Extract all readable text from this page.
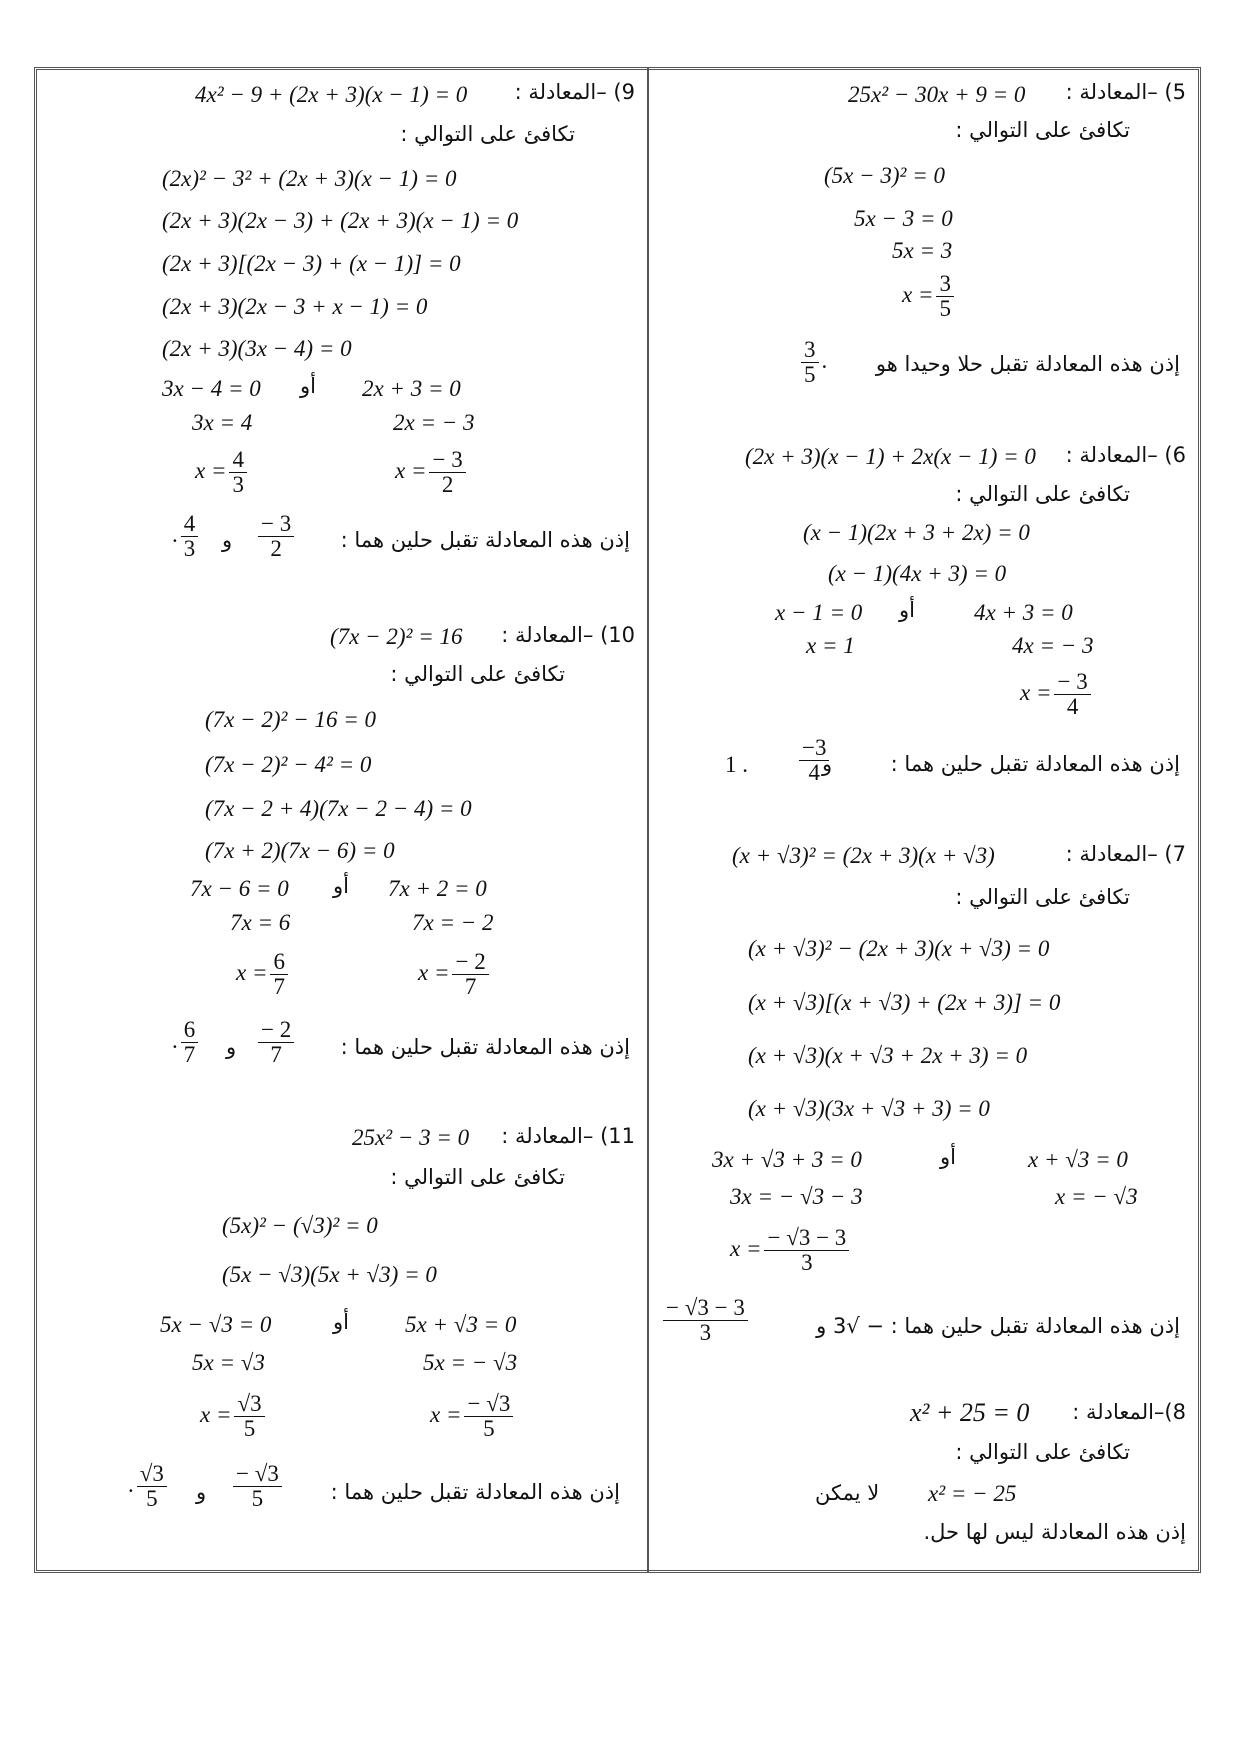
5) –المعادلة :
25x² − 30x + 9 = 0
تكافئ على التوالي :
(5x − 3)² = 0
5x − 3 = 0
5x = 3
$x = \frac{3}{5}$
إذن هذه المعادلة تقبل حلا وحيدا هو
$\frac{3}{5}$ .
6) –المعادلة :
(2x + 3)(x − 1) + 2x(x − 1) = 0
تكافئ على التوالي :
(x − 1)(2x + 3 + 2x) = 0
(x − 1)(4x + 3) = 0
x − 1 = 0 أو	4x + 3 = 0
x = 1	4x = − 3
$x = \frac{- 3}{4}$
إذن هذه المعادلة تقبل حلين هما :
و
$\frac{-3}{4}$
1 .
7) –المعادلة :
(x + √3)² = (2x + 3)(x + √3)
تكافئ على التوالي :
(x + √3)² − (2x + 3)(x + √3) = 0
(x + √3)[(x + √3) + (2x + 3)] = 0
(x + √3)(x + √3 + 2x + 3) = 0
(x + √3)(3x + √3 + 3) = 0
3x + √3 + 3 = 0	أو	x + √3 = 0
3x = − √3 − 3	x = − √3
$x = \frac{- √3 - 3}{3}$
إذن هذه المعادلة تقبل حلين هما : − √3 و
$\frac{- √3 - 3}{3}$
8)–المعادلة :
x² + 25 = 0
تكافئ على التوالي :
x² = − 25
لا يمكن
إذن هذه المعادلة ليس لها حل.
9) –المعادلة :
4x² − 9 + (2x + 3)(x − 1) = 0
تكافئ على التوالي :
(2x)² − 3² + (2x + 3)(x − 1) = 0
(2x + 3)(2x − 3) + (2x + 3)(x − 1) = 0
(2x + 3)[(2x − 3) + (x − 1)] = 0
(2x + 3)(2x − 3 + x − 1) = 0
(2x + 3)(3x − 4) = 0
3x − 4 = 0 أو 2x + 3 = 0
3x = 4	2x = − 3
$x = \frac{4}{3}$	$x = \frac{- 3}{2}$
إذن هذه المعادلة تقبل حلين هما :
$\frac{- 3}{2}$
و
. $\frac{4}{3}$
10) –المعادلة :
(7x − 2)² = 16
تكافئ على التوالي :
(7x − 2)² − 16 = 0
(7x − 2)² − 4² = 0
(7x − 2 + 4)(7x − 2 − 4) = 0
(7x + 2)(7x − 6) = 0
7x − 6 = 0 أو 7x + 2 = 0
7x = 6	7x = − 2
$x = \frac{6}{7}$	$x = \frac{- 2}{7}$
إذن هذه المعادلة تقبل حلين هما :
$\frac{- 2}{7}$
و
. $\frac{6}{7}$
11) –المعادلة :
25x² − 3 = 0
تكافئ على التوالي :
(5x)² − (√3)² = 0
(5x − √3)(5x + √3) = 0
5x − √3 = 0	أو 5x + √3 = 0
5x = √3	5x = − √3
$x = \frac{√3}{5}$	$x = \frac{- √3}{5}$
إذن هذه المعادلة تقبل حلين هما :
$\frac{- √3}{5}$
و
. $\frac{√3}{5}$
